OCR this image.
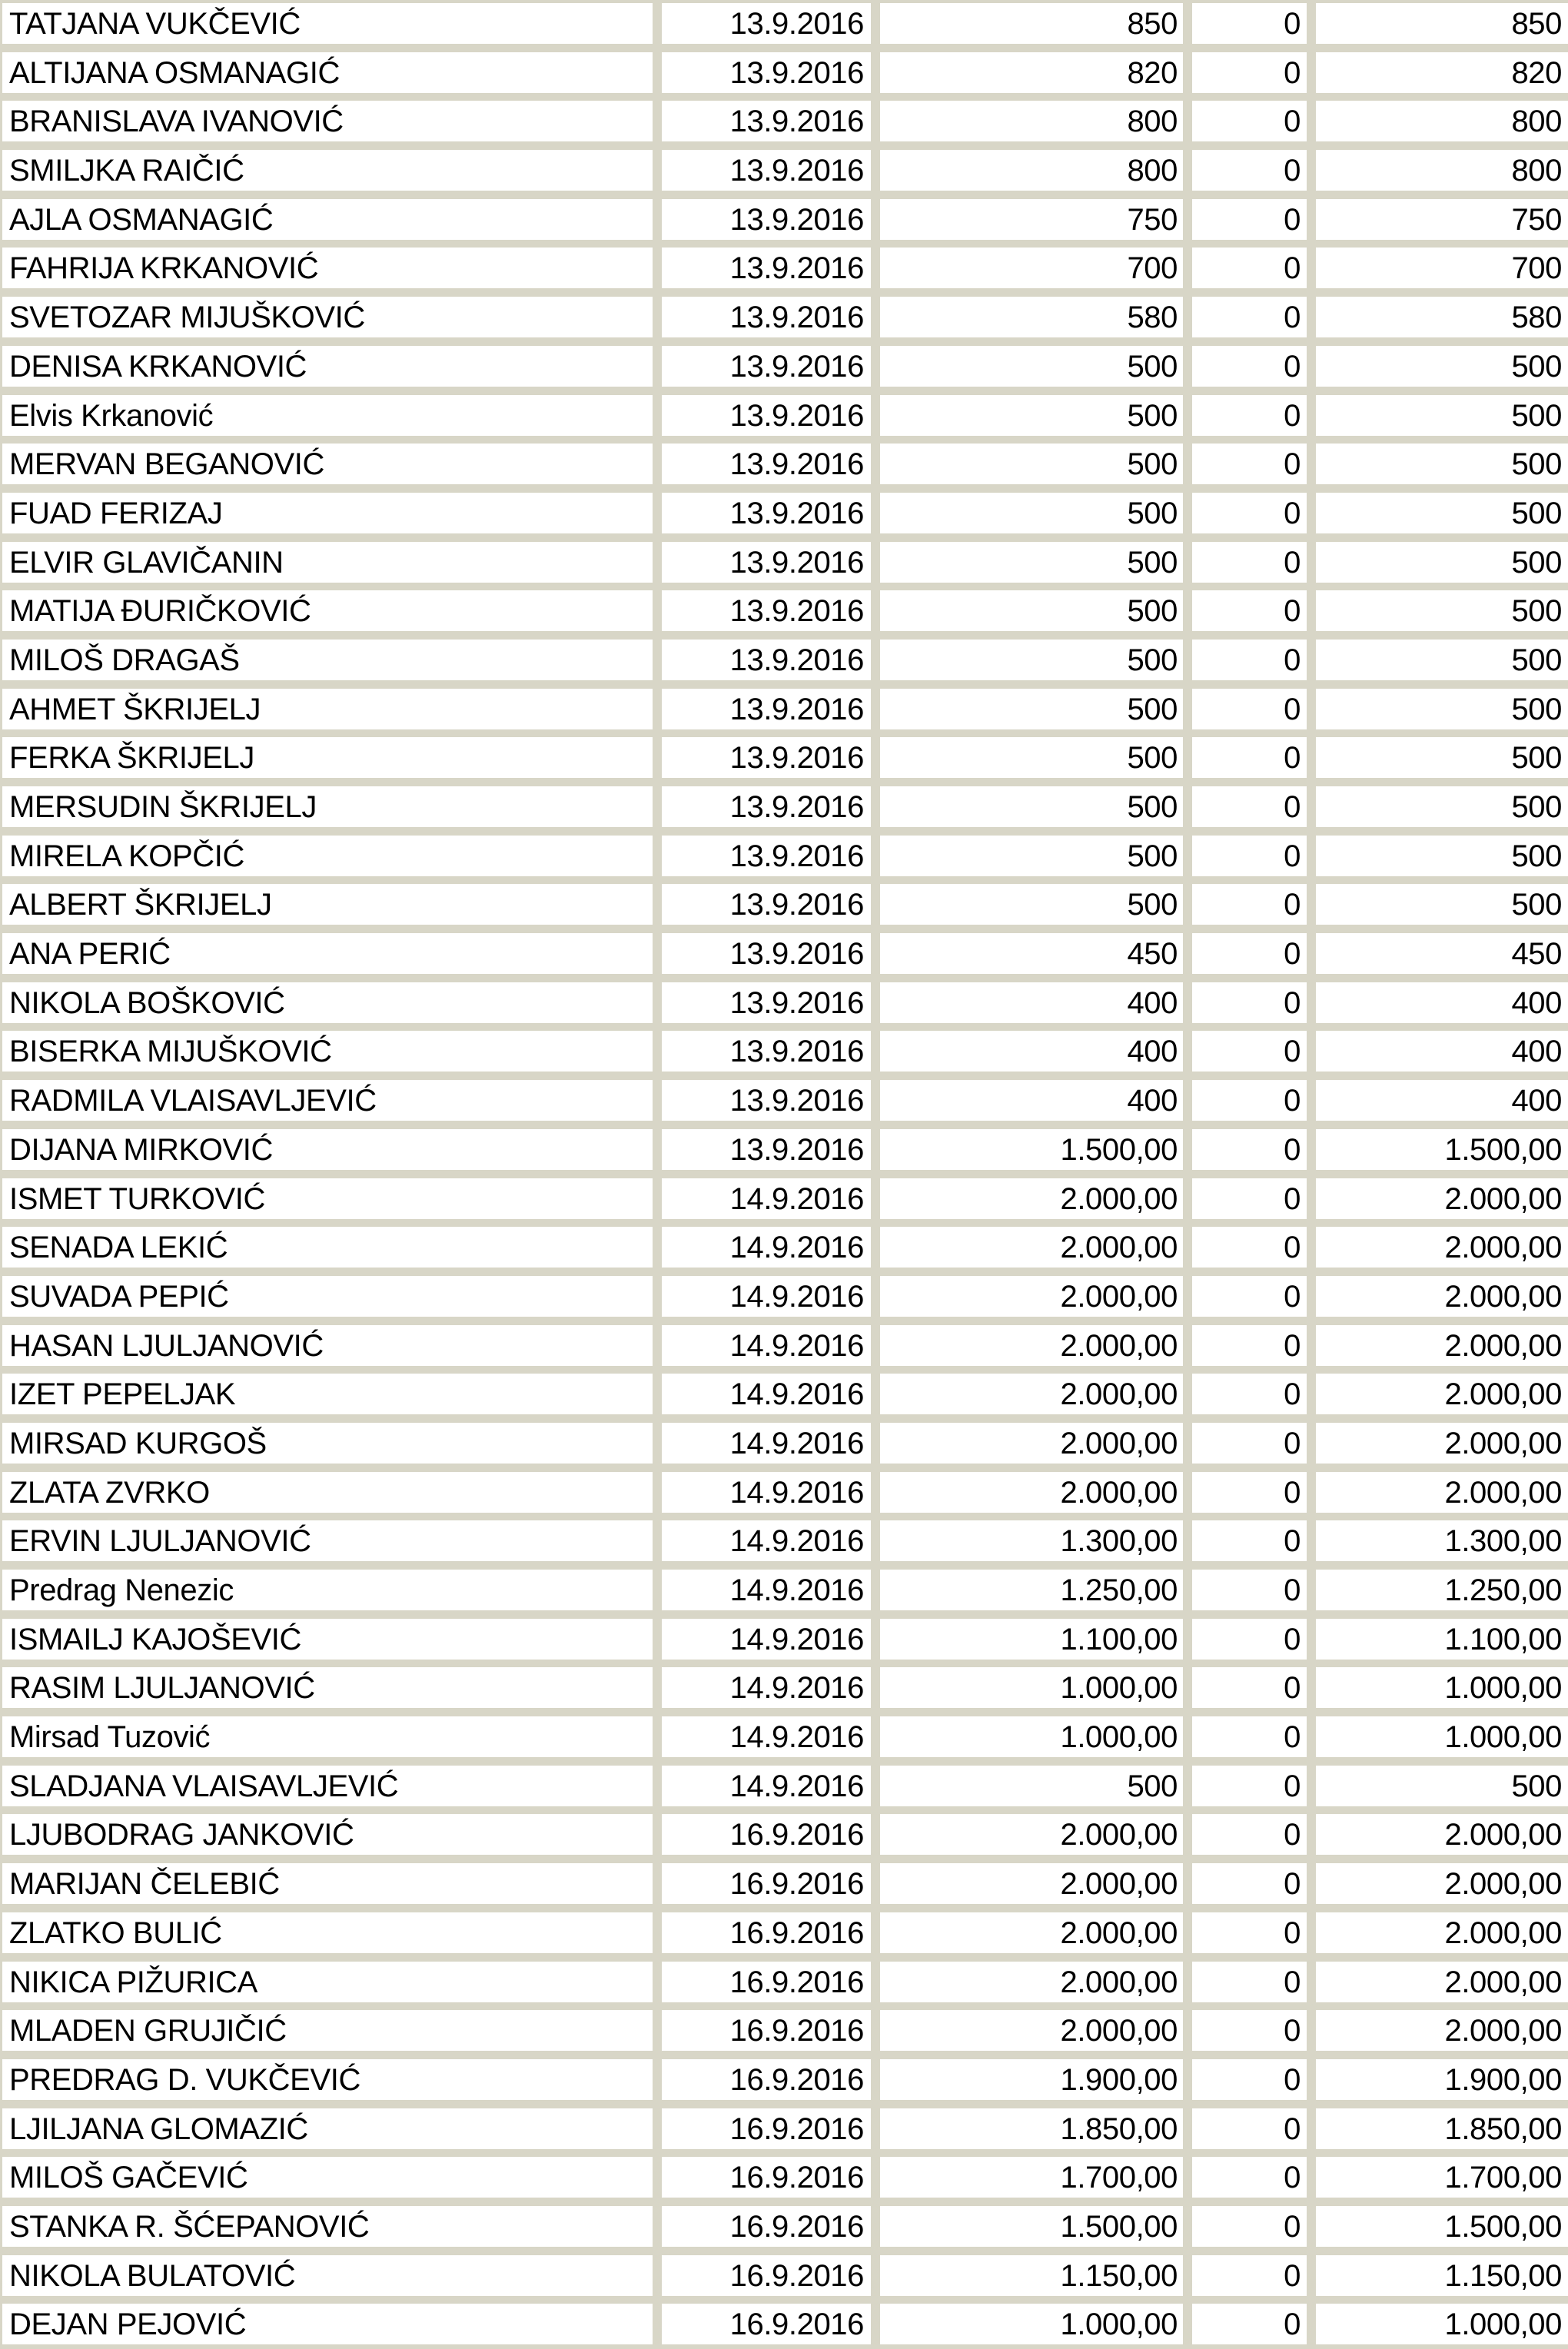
TATJANA VUKČEVIĆ	13.9.2016	850	0	850
ALTIJANA OSMANAGIĆ	13.9.2016	820	0	820
BRANISLAVA IVANOVIĆ	13.9.2016	800	0	800
SMILJKA RAIČIĆ	13.9.2016	800	0	800
AJLA OSMANAGIĆ	13.9.2016	750	0	750
FAHRIJA KRKANOVIĆ	13.9.2016	700	0	700
SVETOZAR MIJUŠKOVIĆ	13.9.2016	580	0	580
DENISA KRKANOVIĆ	13.9.2016	500	0	500
Elvis Krkanović	13.9.2016	500	0	500
MERVAN BEGANOVIĆ	13.9.2016	500	0	500
FUAD FERIZAJ	13.9.2016	500	0	500
ELVIR GLAVIČANIN	13.9.2016	500	0	500
MATIJA ĐURIČKOVIĆ	13.9.2016	500	0	500
MILOŠ DRAGAŠ	13.9.2016	500	0	500
AHMET ŠKRIJELJ	13.9.2016	500	0	500
FERKA ŠKRIJELJ	13.9.2016	500	0	500
MERSUDIN ŠKRIJELJ	13.9.2016	500	0	500
MIRELA KOPČIĆ	13.9.2016	500	0	500
ALBERT ŠKRIJELJ	13.9.2016	500	0	500
ANA PERIĆ	13.9.2016	450	0	450
NIKOLA BOŠKOVIĆ	13.9.2016	400	0	400
BISERKA MIJUŠKOVIĆ	13.9.2016	400	0	400
RADMILA VLAISAVLJEVIĆ	13.9.2016	400	0	400
DIJANA MIRKOVIĆ	13.9.2016	1.500,00	0	1.500,00
ISMET TURKOVIĆ	14.9.2016	2.000,00	0	2.000,00
SENADA LEKIĆ	14.9.2016	2.000,00	0	2.000,00
SUVADA PEPIĆ	14.9.2016	2.000,00	0	2.000,00
HASAN LJULJANOVIĆ	14.9.2016	2.000,00	0	2.000,00
IZET PEPELJAK	14.9.2016	2.000,00	0	2.000,00
MIRSAD KURGOŠ	14.9.2016	2.000,00	0	2.000,00
ZLATA ZVRKO	14.9.2016	2.000,00	0	2.000,00
ERVIN LJULJANOVIĆ	14.9.2016	1.300,00	0	1.300,00
Predrag Nenezic	14.9.2016	1.250,00	0	1.250,00
ISMAILJ KAJOŠEVIĆ	14.9.2016	1.100,00	0	1.100,00
RASIM LJULJANOVIĆ	14.9.2016	1.000,00	0	1.000,00
Mirsad Tuzović	14.9.2016	1.000,00	0	1.000,00
SLADJANA VLAISAVLJEVIĆ	14.9.2016	500	0	500
LJUBODRAG JANKOVIĆ	16.9.2016	2.000,00	0	2.000,00
MARIJAN ČELEBIĆ	16.9.2016	2.000,00	0	2.000,00
ZLATKO BULIĆ	16.9.2016	2.000,00	0	2.000,00
NIKICA PIŽURICA	16.9.2016	2.000,00	0	2.000,00
MLADEN GRUJIČIĆ	16.9.2016	2.000,00	0	2.000,00
PREDRAG D. VUKČEVIĆ	16.9.2016	1.900,00	0	1.900,00
LJILJANA GLOMAZIĆ	16.9.2016	1.850,00	0	1.850,00
MILOŠ GAČEVIĆ	16.9.2016	1.700,00	0	1.700,00
STANKA R. ŠĆEPANOVIĆ	16.9.2016	1.500,00	0	1.500,00
NIKOLA BULATOVIĆ	16.9.2016	1.150,00	0	1.150,00
DEJAN PEJOVIĆ	16.9.2016	1.000,00	0	1.000,00
